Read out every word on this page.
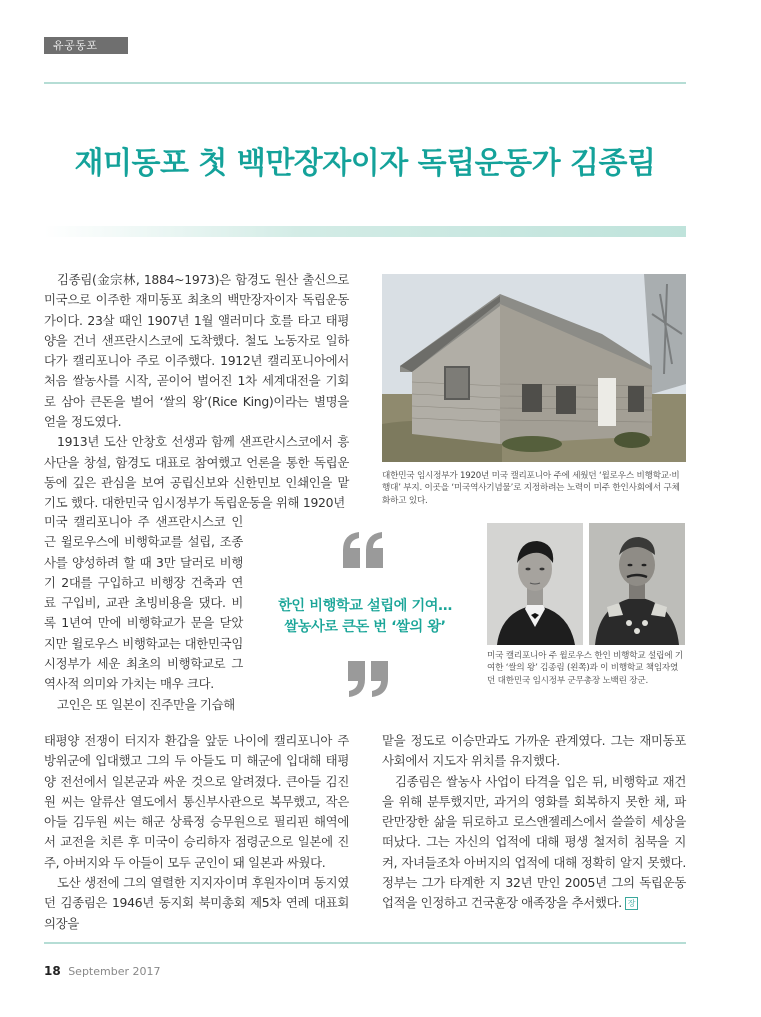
유공동포
재미동포 첫 백만장자이자 독립운동가 김종림

김종림(金宗林, 1884~1973)은 함경도 원산 출신으로 미국으로 이주한 재미동포 최초의 백만장자이자 독립운동가이다. 23살 때인 1907년 1월 앨러미다 호를 타고 태평양을 건너 샌프란시스코에 도착했다. 철도 노동자로 일하다가 캘리포니아 주로 이주했다. 1912년 캘리포니아에서 처음 쌀농사를 시작, 곧이어 벌어진 1차 세계대전을 기회로 삼아 큰돈을 벌어 ‘쌀의 왕’(Rice King)이라는 별명을 얻을 정도였다.

1913년 도산 안창호 선생과 함께 샌프란시스코에서 흥사단을 창설, 함경도 대표로 참여했고 언론을 통한 독립운동에 깊은 관심을 보여 공립신보와 신한민보 인쇄인을 맡기도 했다. 대한민국 임시정부가 독립운동을 위해 1920년

미국 캘리포니아 주 샌프란시스코 인근 윌로우스에 비행학교를 설립, 조종사를 양성하려 할 때 3만 달러로 비행기 2대를 구입하고 비행장 건축과 연료 구입비, 교관 초빙비용을 댔다. 비록 1년여 만에 비행학교가 문을 닫았지만 윌로우스 비행학교는 대한민국임시정부가 세운 최초의 비행학교로 그 역사적 의미와 가치는 매우 크다.

고인은 또 일본이 진주만을 기습해

태평양 전쟁이 터지자 환갑을 앞둔 나이에 캘리포니아 주 방위군에 입대했고 그의 두 아들도 미 해군에 입대해 태평양 전선에서 일본군과 싸운 것으로 알려졌다. 큰아들 김진원 씨는 알류산 열도에서 통신부사관으로 복무했고, 작은아들 김두원 씨는 해군 상륙정 승무원으로 필리핀 해역에서 교전을 치른 후 미국이 승리하자 점령군으로 일본에 진주, 아버지와 두 아들이 모두 군인이 돼 일본과 싸웠다.

도산 생전에 그의 열렬한 지지자이며 후원자이며 동지였던 김종림은 1946년 동지회 북미총회 제5차 연례 대표회 의장을

맡을 정도로 이승만과도 가까운 관계였다. 그는 재미동포 사회에서 지도자 위치를 유지했다.

김종림은 쌀농사 사업이 타격을 입은 뒤, 비행학교 재건을 위해 분투했지만, 과거의 영화를 회복하지 못한 채, 파란만장한 삶을 뒤로하고 로스앤젤레스에서 쓸쓸히 세상을 떠났다. 그는 자신의 업적에 대해 평생 철저히 침묵을 지켜, 자녀들조차 아버지의 업적에 대해 정확히 알지 못했다. 정부는 그가 타계한 지 32년 만인 2005년 그의 독립운동 업적을 인정하고 건국훈장 애족장을 추서했다. 장

대한민국 임시정부가 1920년 미국 캘리포니아 주에 세웠던 ‘윌로우스 비행학교·비행대’ 부지. 이곳을 ‘미국역사기념물’로 지정하려는 노력이 미주 한인사회에서 구체화하고 있다.
미국 캘리포니아 주 윌로우스 한인 비행학교 설립에 기여한 ‘쌀의 왕’ 김종림 (왼쪽)과 이 비행학교 책임자였던 대한민국 임시정부 군무총장 노백린 장군.
한인 비행학교 설립에 기여…
쌀농사로 큰돈 번 ‘쌀의 왕’
18 September 2017
